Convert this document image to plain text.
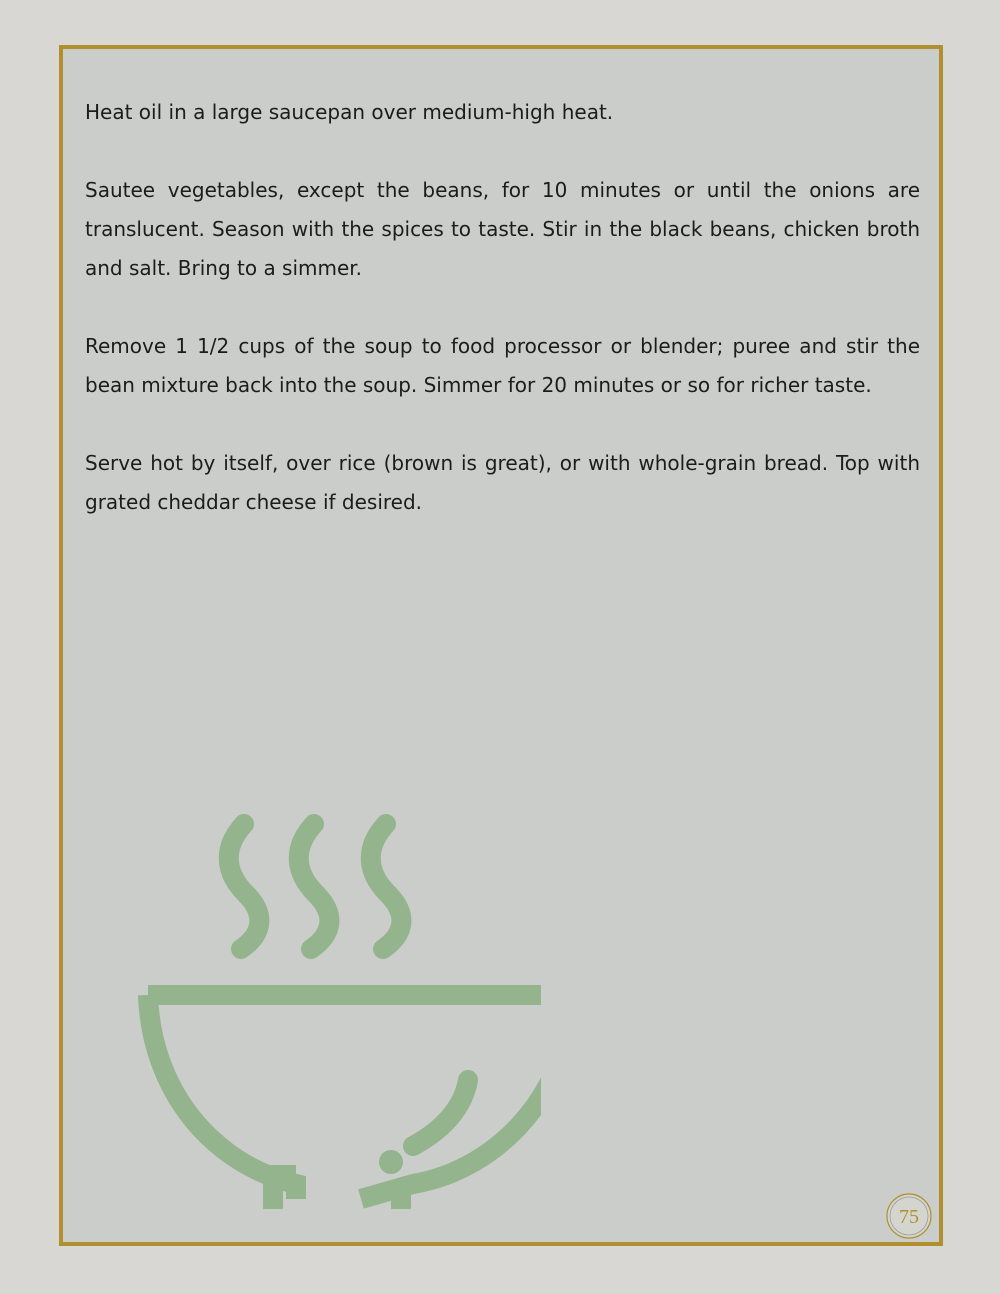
Heat oil in a large saucepan over medium-high heat.

Sautee vegetables, except the beans, for 10 minutes or until the onions are translucent. Season with the spices to taste. Stir in the black beans, chicken broth and salt. Bring to a simmer.

Remove 1 1/2 cups of the soup to food processor or blender; puree and stir the bean mixture back into the soup. Simmer for 20 minutes or so for richer taste.

Serve hot by itself, over rice (brown is great), or with whole-grain bread. Top with grated cheddar cheese if desired.

75
